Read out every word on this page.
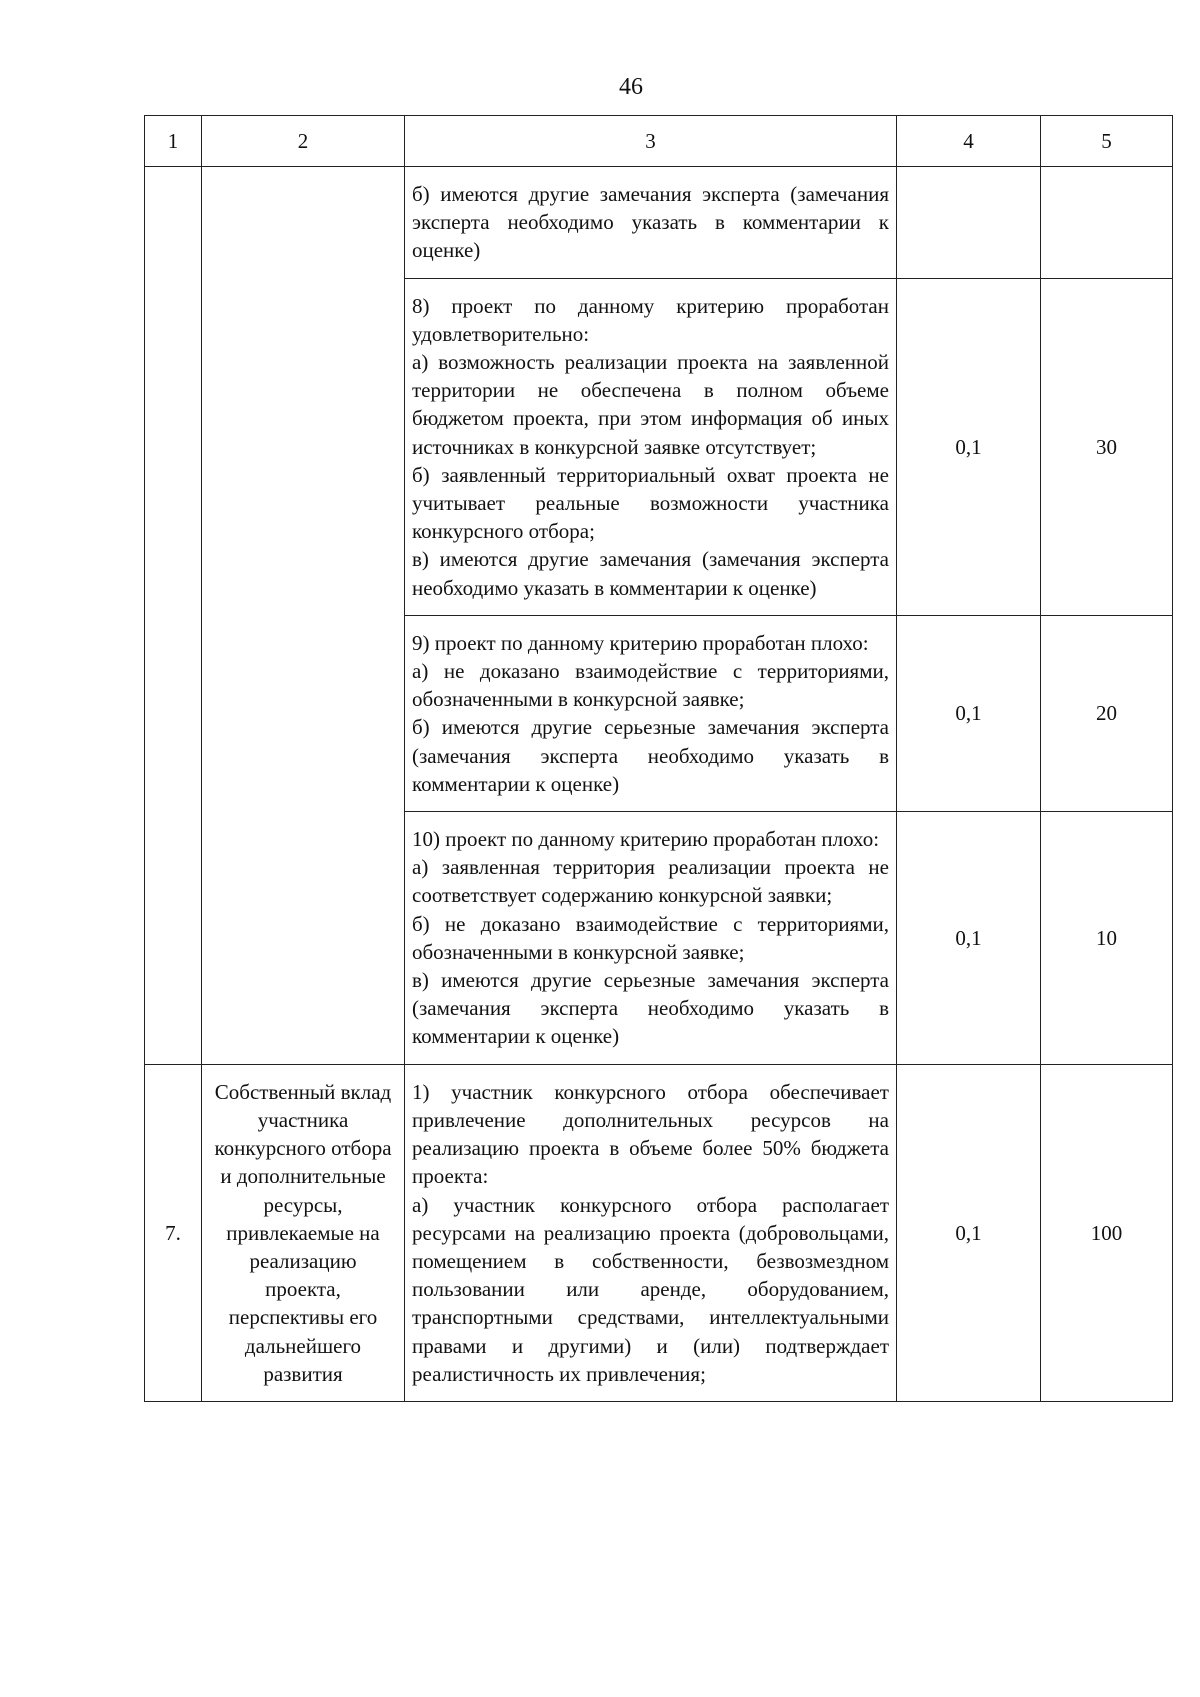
46
1	2	3	4	5

		б) имеются другие замечания эксперта (замечания эксперта необходимо указать в комментарии к оценке)		

		8) проект по данному критерию проработан удовлетворительно:
а) возможность реализации проекта на заявленной территории не обеспечена в полном объеме бюджетом проекта, при этом информация об иных источниках в конкурсной заявке отсутствует;
б) заявленный территориальный охват проекта не учитывает реальные возможности участника конкурсного отбора;
в) имеются другие замечания (замечания эксперта необходимо указать в комментарии к оценке)	0,1	30

		9) проект по данному критерию проработан плохо:
а) не доказано взаимодействие с территориями, обозначенными в конкурсной заявке;
б) имеются другие серьезные замечания эксперта (замечания эксперта необходимо указать в комментарии к оценке)	0,1	20

		10) проект по данному критерию проработан плохо:
а) заявленная территория реализации проекта не соответствует содержанию конкурсной заявки;
б) не доказано взаимодействие с территориями, обозначенными в конкурсной заявке;
в) имеются другие серьезные замечания эксперта (замечания эксперта необходимо указать в комментарии к оценке)	0,1	10
7.	Собственный вклад участника конкурсного отбора и дополнительные ресурсы, привлекаемые на реализацию проекта, перспективы его дальнейшего развития	1) участник конкурсного отбора обеспечивает привлечение дополнительных ресурсов на реализацию проекта в объеме более 50% бюджета проекта:
а) участник конкурсного отбора располагает ресурсами на реализацию проекта (добровольцами, помещением в собственности, безвозмездном пользовании или аренде, оборудованием, транспортными средствами, интеллектуальными правами и другими) и (или) подтверждает реалистичность их привлечения;	0,1	100
